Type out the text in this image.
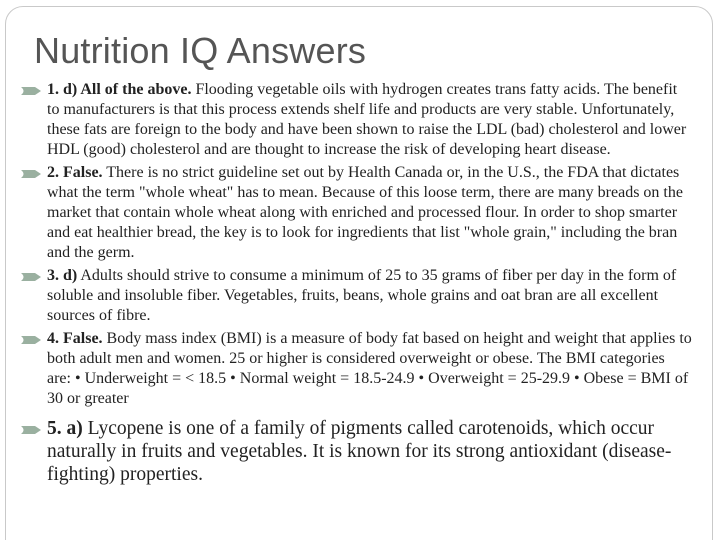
Nutrition IQ Answers
1. d) All of the above. Flooding vegetable oils with hydrogen creates trans fatty acids. The benefit to manufacturers is that this process extends shelf life and products are very stable. Unfortunately, these fats are foreign to the body and have been shown to raise the LDL (bad) cholesterol and lower HDL (good) cholesterol and are thought to increase the risk of developing heart disease.
2. False. There is no strict guideline set out by Health Canada or, in the U.S., the FDA that dictates what the term "whole wheat" has to mean. Because of this loose term, there are many breads on the market that contain whole wheat along with enriched and processed flour. In order to shop smarter and eat healthier bread, the key is to look for ingredients that list "whole grain," including the bran and the germ.
3. d) Adults should strive to consume a minimum of 25 to 35 grams of fiber per day in the form of soluble and insoluble fiber. Vegetables, fruits, beans, whole grains and oat bran are all excellent sources of fibre.
4. False. Body mass index (BMI) is a measure of body fat based on height and weight that applies to both adult men and women. 25 or higher is considered overweight or obese. The BMI categories are: • Underweight = < 18.5 • Normal weight = 18.5-24.9 • Overweight = 25-29.9 • Obese = BMI of 30 or greater
5. a) Lycopene is one of a family of pigments called carotenoids, which occur naturally in fruits and vegetables. It is known for its strong antioxidant (disease-fighting) properties.
